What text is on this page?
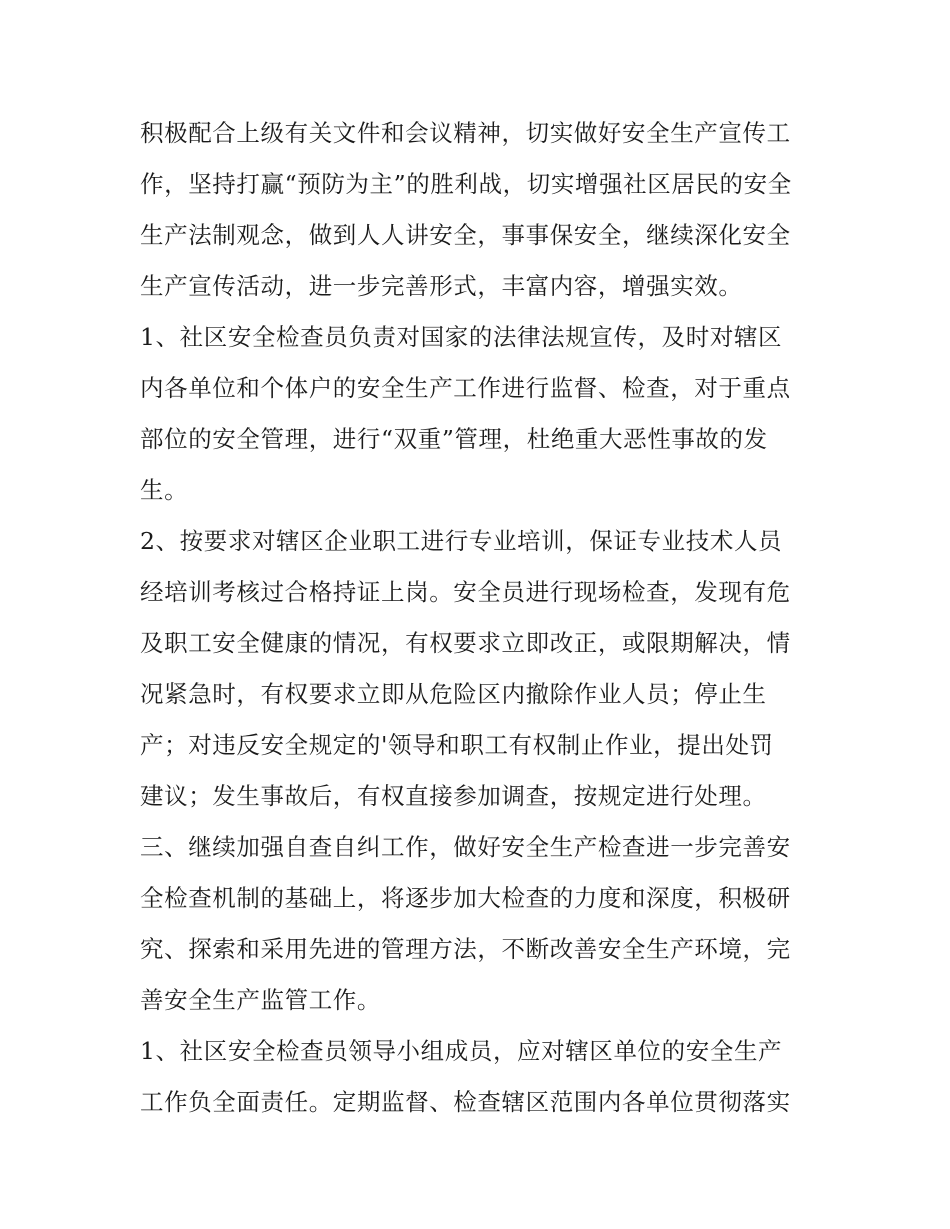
积极配合上级有关文件和会议精神，切实做好安全生产宣传工
作，坚持打赢“预防为主”的胜利战，切实增强社区居民的安全
生产法制观念，做到人人讲安全，事事保安全，继续深化安全
生产宣传活动，进一步完善形式，丰富内容，增强实效。
1、社区安全检查员负责对国家的法律法规宣传，及时对辖区
内各单位和个体户的安全生产工作进行监督、检查，对于重点
部位的安全管理，进行“双重”管理，杜绝重大恶性事故的发
生。
2、按要求对辖区企业职工进行专业培训，保证专业技术人员
经培训考核过合格持证上岗。安全员进行现场检查，发现有危
及职工安全健康的情况，有权要求立即改正，或限期解决，情
况紧急时，有权要求立即从危险区内撤除作业人员；停止生
产；对违反安全规定的'领导和职工有权制止作业，提出处罚
建议；发生事故后，有权直接参加调查，按规定进行处理。
三、继续加强自查自纠工作，做好安全生产检查进一步完善安
全检查机制的基础上，将逐步加大检查的力度和深度，积极研
究、探索和采用先进的管理方法，不断改善安全生产环境，完
善安全生产监管工作。
1、社区安全检查员领导小组成员，应对辖区单位的安全生产
工作负全面责任。定期监督、检查辖区范围内各单位贯彻落实
